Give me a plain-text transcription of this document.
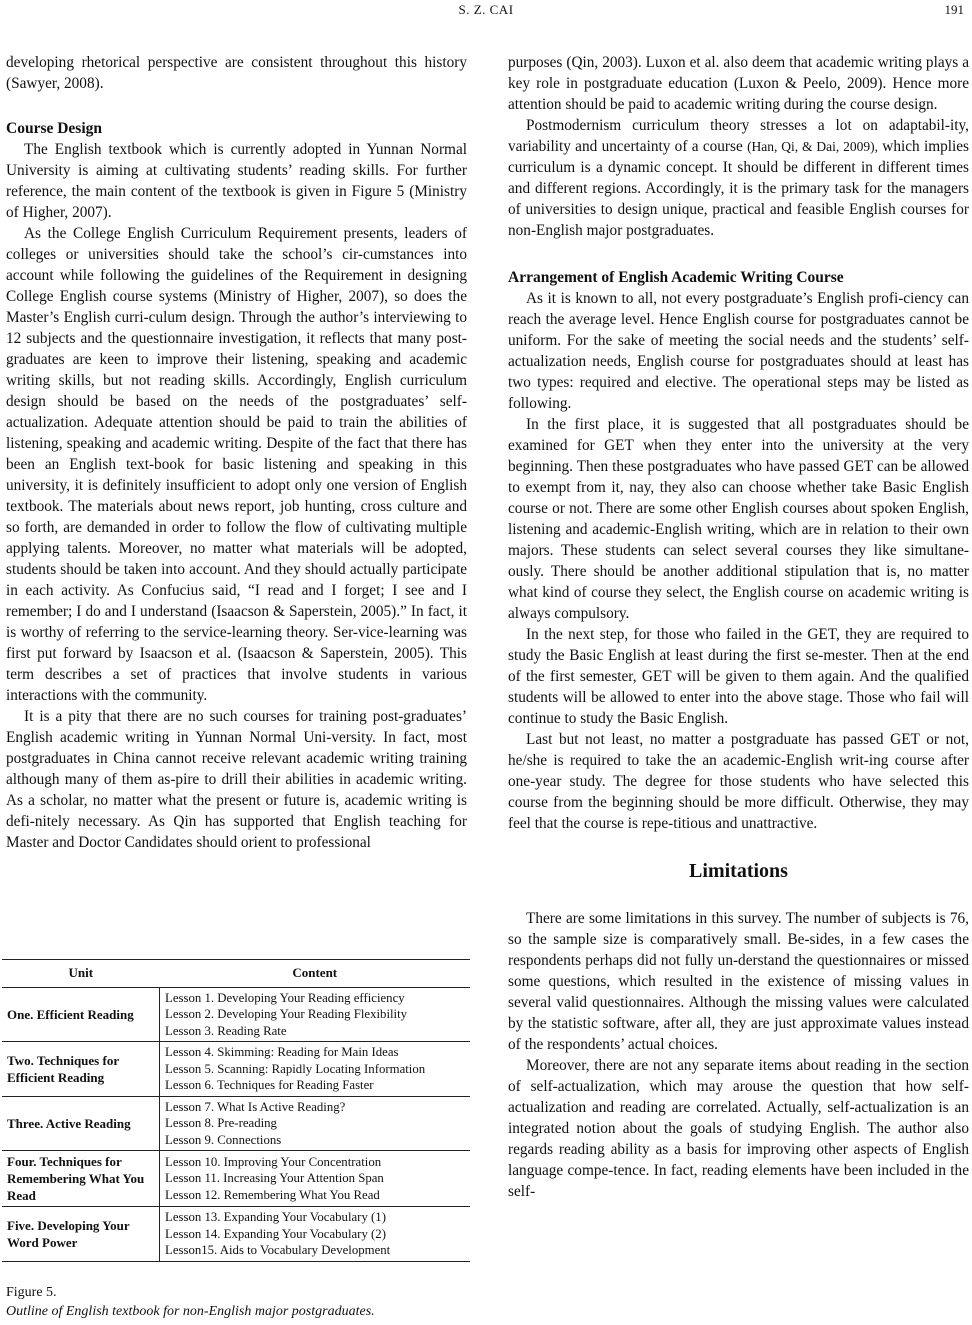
S. Z. CAI	191

developing rhetorical perspective are consistent throughout this history (Sawyer, 2008).

Course Design

The English textbook which is currently adopted in Yunnan Normal University is aiming at cultivating students’ reading skills. For further reference, the main content of the textbook is given in Figure 5 (Ministry of Higher, 2007).

As the College English Curriculum Requirement presents, leaders of colleges or universities should take the school’s cir-cumstances into account while following the guidelines of the Requirement in designing College English course systems (Ministry of Higher, 2007), so does the Master’s English curri-culum design. Through the author’s interviewing to 12 subjects and the questionnaire investigation, it reflects that many post-graduates are keen to improve their listening, speaking and academic writing skills, but not reading skills. Accordingly, English curriculum design should be based on the needs of the postgraduates’ self-actualization. Adequate attention should be paid to train the abilities of listening, speaking and academic writing. Despite of the fact that there has been an English text-book for basic listening and speaking in this university, it is definitely insufficient to adopt only one version of English textbook. The materials about news report, job hunting, cross culture and so forth, are demanded in order to follow the flow of cultivating multiple applying talents. Moreover, no matter what materials will be adopted, students should be taken into account. And they should actually participate in each activity. As Confucius said, “I read and I forget; I see and I remember; I do and I understand (Isaacson & Saperstein, 2005).” In fact, it is worthy of referring to the service-learning theory. Ser-vice-learning was first put forward by Isaacson et al. (Isaacson & Saperstein, 2005). This term describes a set of practices that involve students in various interactions with the community.

It is a pity that there are no such courses for training post-graduates’ English academic writing in Yunnan Normal Uni-versity. In fact, most postgraduates in China cannot receive relevant academic writing training although many of them as-pire to drill their abilities in academic writing. As a scholar, no matter what the present or future is, academic writing is defi-nitely necessary. As Qin has supported that English teaching for Master and Doctor Candidates should orient to professional

Unit	Content
One. Efficient Reading	Lesson 1. Developing Your Reading efficiency
Lesson 2. Developing Your Reading Flexibility
Lesson 3. Reading Rate

Two. Techniques for Efficient Reading	Lesson 4. Skimming: Reading for Main Ideas
Lesson 5. Scanning: Rapidly Locating Information
Lesson 6. Techniques for Reading Faster

Three. Active Reading	Lesson 7. What Is Active Reading?
Lesson 8. Pre-reading
Lesson 9. Connections

Four. Techniques for Remembering What You Read	Lesson 10. Improving Your Concentration
Lesson 11. Increasing Your Attention Span
Lesson 12. Remembering What You Read

Five. Developing Your Word Power	Lesson 13. Expanding Your Vocabulary (1)
Lesson 14. Expanding Your Vocabulary (2)
Lesson15. Aids to Vocabulary Development
Figure 5.
Outline of English textbook for non-English major postgraduates.

purposes (Qin, 2003). Luxon et al. also deem that academic writing plays a key role in postgraduate education (Luxon & Peelo, 2009). Hence more attention should be paid to academic writing during the course design.

Postmodernism curriculum theory stresses a lot on adaptabil-ity, variability and uncertainty of a course (Han, Qi, & Dai, 2009), which implies curriculum is a dynamic concept. It should be different in different times and different regions. Accordingly, it is the primary task for the managers of universities to design unique, practical and feasible English courses for non-English major postgraduates.

Arrangement of English Academic Writing Course

As it is known to all, not every postgraduate’s English profi-ciency can reach the average level. Hence English course for postgraduates cannot be uniform. For the sake of meeting the social needs and the students’ self-actualization needs, English course for postgraduates should at least has two types: required and elective. The operational steps may be listed as following.

In the first place, it is suggested that all postgraduates should be examined for GET when they enter into the university at the very beginning. Then these postgraduates who have passed GET can be allowed to exempt from it, nay, they also can choose whether take Basic English course or not. There are some other English courses about spoken English, listening and academic-English writing, which are in relation to their own majors. These students can select several courses they like simultane-ously. There should be another additional stipulation that is, no matter what kind of course they select, the English course on academic writing is always compulsory.

In the next step, for those who failed in the GET, they are required to study the Basic English at least during the first se-mester. Then at the end of the first semester, GET will be given to them again. And the qualified students will be allowed to enter into the above stage. Those who fail will continue to study the Basic English.

Last but not least, no matter a postgraduate has passed GET or not, he/she is required to take the an academic-English writ-ing course after one-year study. The degree for those students who have selected this course from the beginning should be more difficult. Otherwise, they may feel that the course is repe-titious and unattractive.

Limitations

There are some limitations in this survey. The number of subjects is 76, so the sample size is comparatively small. Be-sides, in a few cases the respondents perhaps did not fully un-derstand the questionnaires or missed some questions, which resulted in the existence of missing values in several valid questionnaires. Although the missing values were calculated by the statistic software, after all, they are just approximate values instead of the respondents’ actual choices.

Moreover, there are not any separate items about reading in the section of self-actualization, which may arouse the question that how self-actualization and reading are correlated. Actually, self-actualization is an integrated notion about the goals of studying English. The author also regards reading ability as a basis for improving other aspects of English language compe-tence. In fact, reading elements have been included in the self-
